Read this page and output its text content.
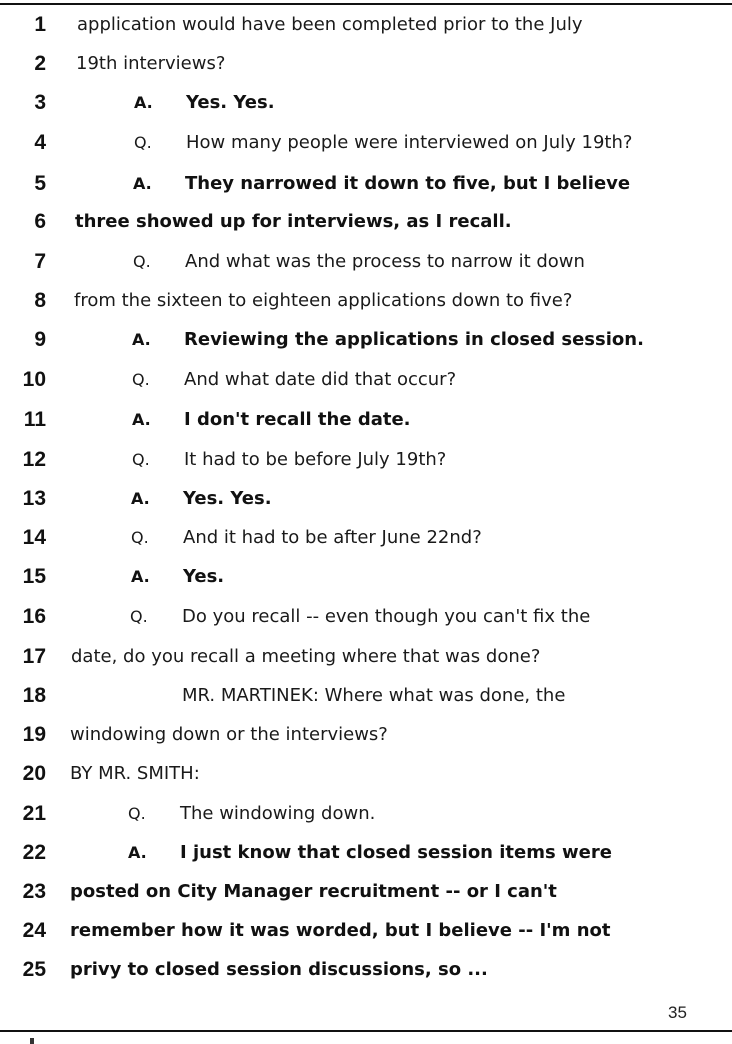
1 application would have been completed prior to the July
2 19th interviews?
3	A. Yes. Yes.
4	Q. How many people were interviewed on July 19th?
5	A. They narrowed it down to five, but I believe
6 three showed up for interviews, as I recall.
7	Q. And what was the process to narrow it down
8 from the sixteen to eighteen applications down to five?
9	A. Reviewing the applications in closed session.
10	Q. And what date did that occur?
11	A. I don't recall the date.
12	Q. It had to be before July 19th?
13	A. Yes. Yes.
14	Q. And it had to be after June 22nd?
15	A. Yes.
16	Q. Do you recall -- even though you can't fix the
17 date, do you recall a meeting where that was done?
18	MR. MARTINEK: Where what was done, the
19 windowing down or the interviews?
20 BY MR. SMITH:
21	Q. The windowing down.
22	A. I just know that closed session items were
23 posted on City Manager recruitment -- or I can't
24 remember how it was worded, but I believe -- I'm not
25 privy to closed session discussions, so ...
35
